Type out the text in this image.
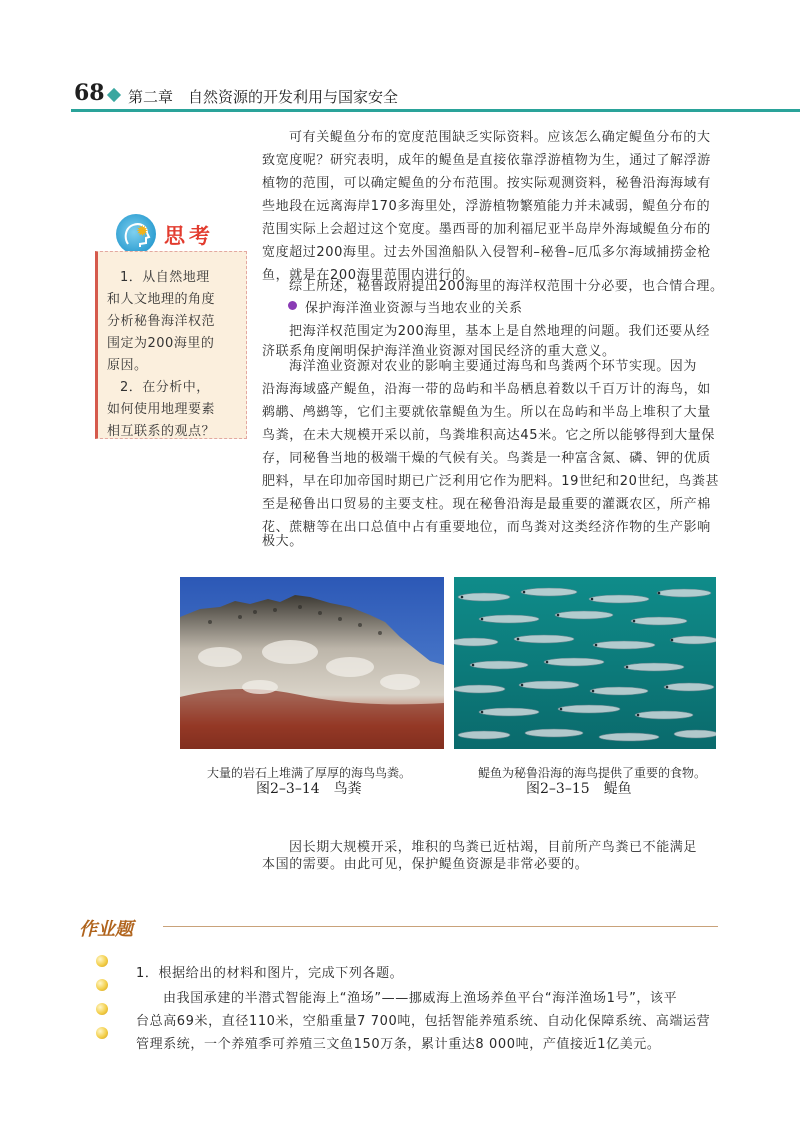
68 第二章　自然资源的开发利用与国家安全
✹ 思考
1．从自然地理
和人文地理的角度
分析秘鲁海洋权范
围定为200海里的
原因。
2．在分析中，
如何使用地理要素
相互联系的观点？
可有关鳀鱼分布的宽度范围缺乏实际资料。应该怎么确定鳀鱼分布的大
致宽度呢？研究表明，成年的鳀鱼是直接依靠浮游植物为生，通过了解浮游
植物的范围，可以确定鳀鱼的分布范围。按实际观测资料，秘鲁沿海海域有
些地段在远离海岸170多海里处，浮游植物繁殖能力并未减弱，鳀鱼分布的
范围实际上会超过这个宽度。墨西哥的加利福尼亚半岛岸外海域鳀鱼分布的
宽度超过200海里。过去外国渔船队入侵智利–秘鲁–厄瓜多尔海域捕捞金枪
鱼，就是在200海里范围内进行的。
综上所述，秘鲁政府提出200海里的海洋权范围十分必要，也合情合理。
保护海洋渔业资源与当地农业的关系
把海洋权范围定为200海里，基本上是自然地理的问题。我们还要从经
济联系角度阐明保护海洋渔业资源对国民经济的重大意义。
海洋渔业资源对农业的影响主要通过海鸟和鸟粪两个环节实现。因为
沿海海域盛产鳀鱼，沿海一带的岛屿和半岛栖息着数以千百万计的海鸟，如
鹈鹕、鸬鹚等，它们主要就依靠鳀鱼为生。所以在岛屿和半岛上堆积了大量
鸟粪，在未大规模开采以前，鸟粪堆积高达45米。它之所以能够得到大量保
存，同秘鲁当地的极端干燥的气候有关。鸟粪是一种富含氮、磷、钾的优质
肥料，早在印加帝国时期已广泛利用它作为肥料。19世纪和20世纪，鸟粪甚
至是秘鲁出口贸易的主要支柱。现在秘鲁沿海是最重要的灌溉农区，所产棉
花、蔗糖等在出口总值中占有重要地位，而鸟粪对这类经济作物的生产影响
极大。
大量的岩石上堆满了厚厚的海鸟鸟粪。
图2–3–14　鸟粪
鳀鱼为秘鲁沿海的海鸟提供了重要的食物。
图2–3–15　鳀鱼
因长期大规模开采，堆积的鸟粪已近枯竭，目前所产鸟粪已不能满足
本国的需要。由此可见，保护鳀鱼资源是非常必要的。
作业题
1．根据给出的材料和图片，完成下列各题。
由我国承建的半潜式智能海上“渔场”——挪威海上渔场养鱼平台“海洋渔场1号”，该平
台总高69米，直径110米，空船重量7 700吨，包括智能养殖系统、自动化保障系统、高端运营
管理系统，一个养殖季可养殖三文鱼150万条，累计重达8 000吨，产值接近1亿美元。
